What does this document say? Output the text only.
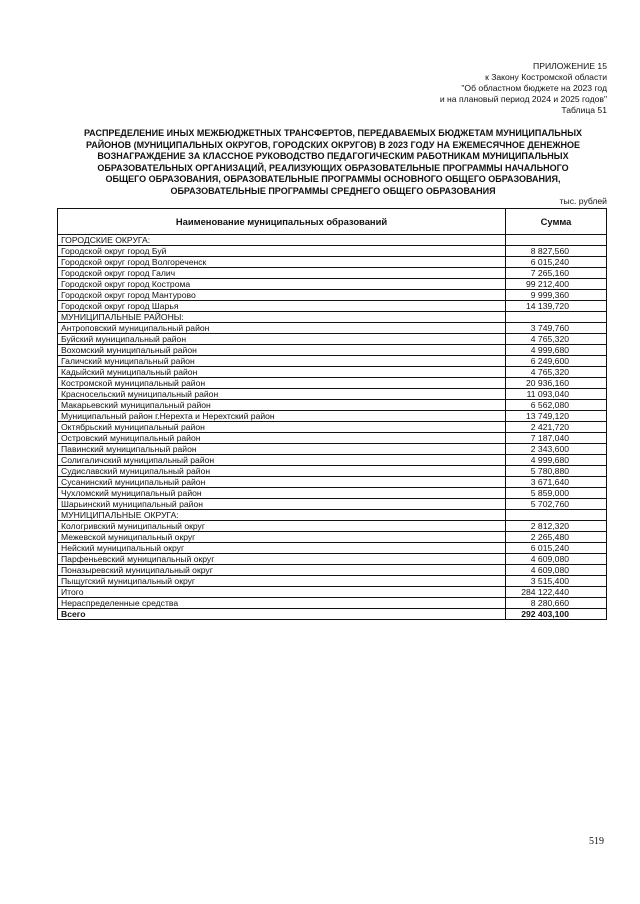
ПРИЛОЖЕНИЕ 15
к Закону Костромской области
"Об областном бюджете на 2023 год
и на плановый период 2024 и 2025 годов"
Таблица 51
РАСПРЕДЕЛЕНИЕ ИНЫХ МЕЖБЮДЖЕТНЫХ ТРАНСФЕРТОВ, ПЕРЕДАВАЕМЫХ БЮДЖЕТАМ МУНИЦИПАЛЬНЫХ
РАЙОНОВ (МУНИЦИПАЛЬНЫХ ОКРУГОВ, ГОРОДСКИХ ОКРУГОВ) В 2023 ГОДУ НА ЕЖЕМЕСЯЧНОЕ ДЕНЕЖНОЕ
ВОЗНАГРАЖДЕНИЕ ЗА КЛАССНОЕ РУКОВОДСТВО ПЕДАГОГИЧЕСКИМ РАБОТНИКАМ МУНИЦИПАЛЬНЫХ
ОБРАЗОВАТЕЛЬНЫХ ОРГАНИЗАЦИЙ, РЕАЛИЗУЮЩИХ ОБРАЗОВАТЕЛЬНЫЕ ПРОГРАММЫ НАЧАЛЬНОГО
ОБЩЕГО ОБРАЗОВАНИЯ, ОБРАЗОВАТЕЛЬНЫЕ ПРОГРАММЫ ОСНОВНОГО ОБЩЕГО ОБРАЗОВАНИЯ,
ОБРАЗОВАТЕЛЬНЫЕ ПРОГРАММЫ СРЕДНЕГО ОБЩЕГО ОБРАЗОВАНИЯ
тыс. рублей
Наименование муниципальных образований	Сумма
ГОРОДСКИЕ ОКРУГА:	
Городской округ город Буй	8 827,560
Городской округ город Волгореченск	6 015,240
Городской округ город Галич	7 265,160
Городской округ город Кострома	99 212,400
Городской округ город Мантурово	9 999,360
Городской округ город Шарья	14 139,720
МУНИЦИПАЛЬНЫЕ РАЙОНЫ:	
Антроповский муниципальный район	3 749,760
Буйский муниципальный район	4 765,320
Вохомский муниципальный район	4 999,680
Галичский муниципальный район	6 249,600
Кадыйский муниципальный район	4 765,320
Костромской муниципальный район	20 936,160
Красносельский муниципальный район	11 093,040
Макарьевский муниципальный район	6 562,080
Муниципальный район г.Нерехта и Нерехтский район	13 749,120
Октябрьский муниципальный район	2 421,720
Островский муниципальный район	7 187,040
Павинский муниципальный район	2 343,600
Солигаличский муниципальный район	4 999,680
Судиславский муниципальный район	5 780,880
Сусанинский муниципальный район	3 671,640
Чухломский муниципальный район	5 859,000
Шарьинский муниципальный район	5 702,760
МУНИЦИПАЛЬНЫЕ ОКРУГА:	
Кологривский муниципальный округ	2 812,320
Межевской муниципальный округ	2 265,480
Нейский муниципальный округ	6 015,240
Парфеньевский муниципальный округ	4 609,080
Поназыревский муниципальный округ	4 609,080
Пыщугский муниципальный округ	3 515,400
Итого	284 122,440
Нераспределенные средства	8 280,660
Всего	292 403,100
519
